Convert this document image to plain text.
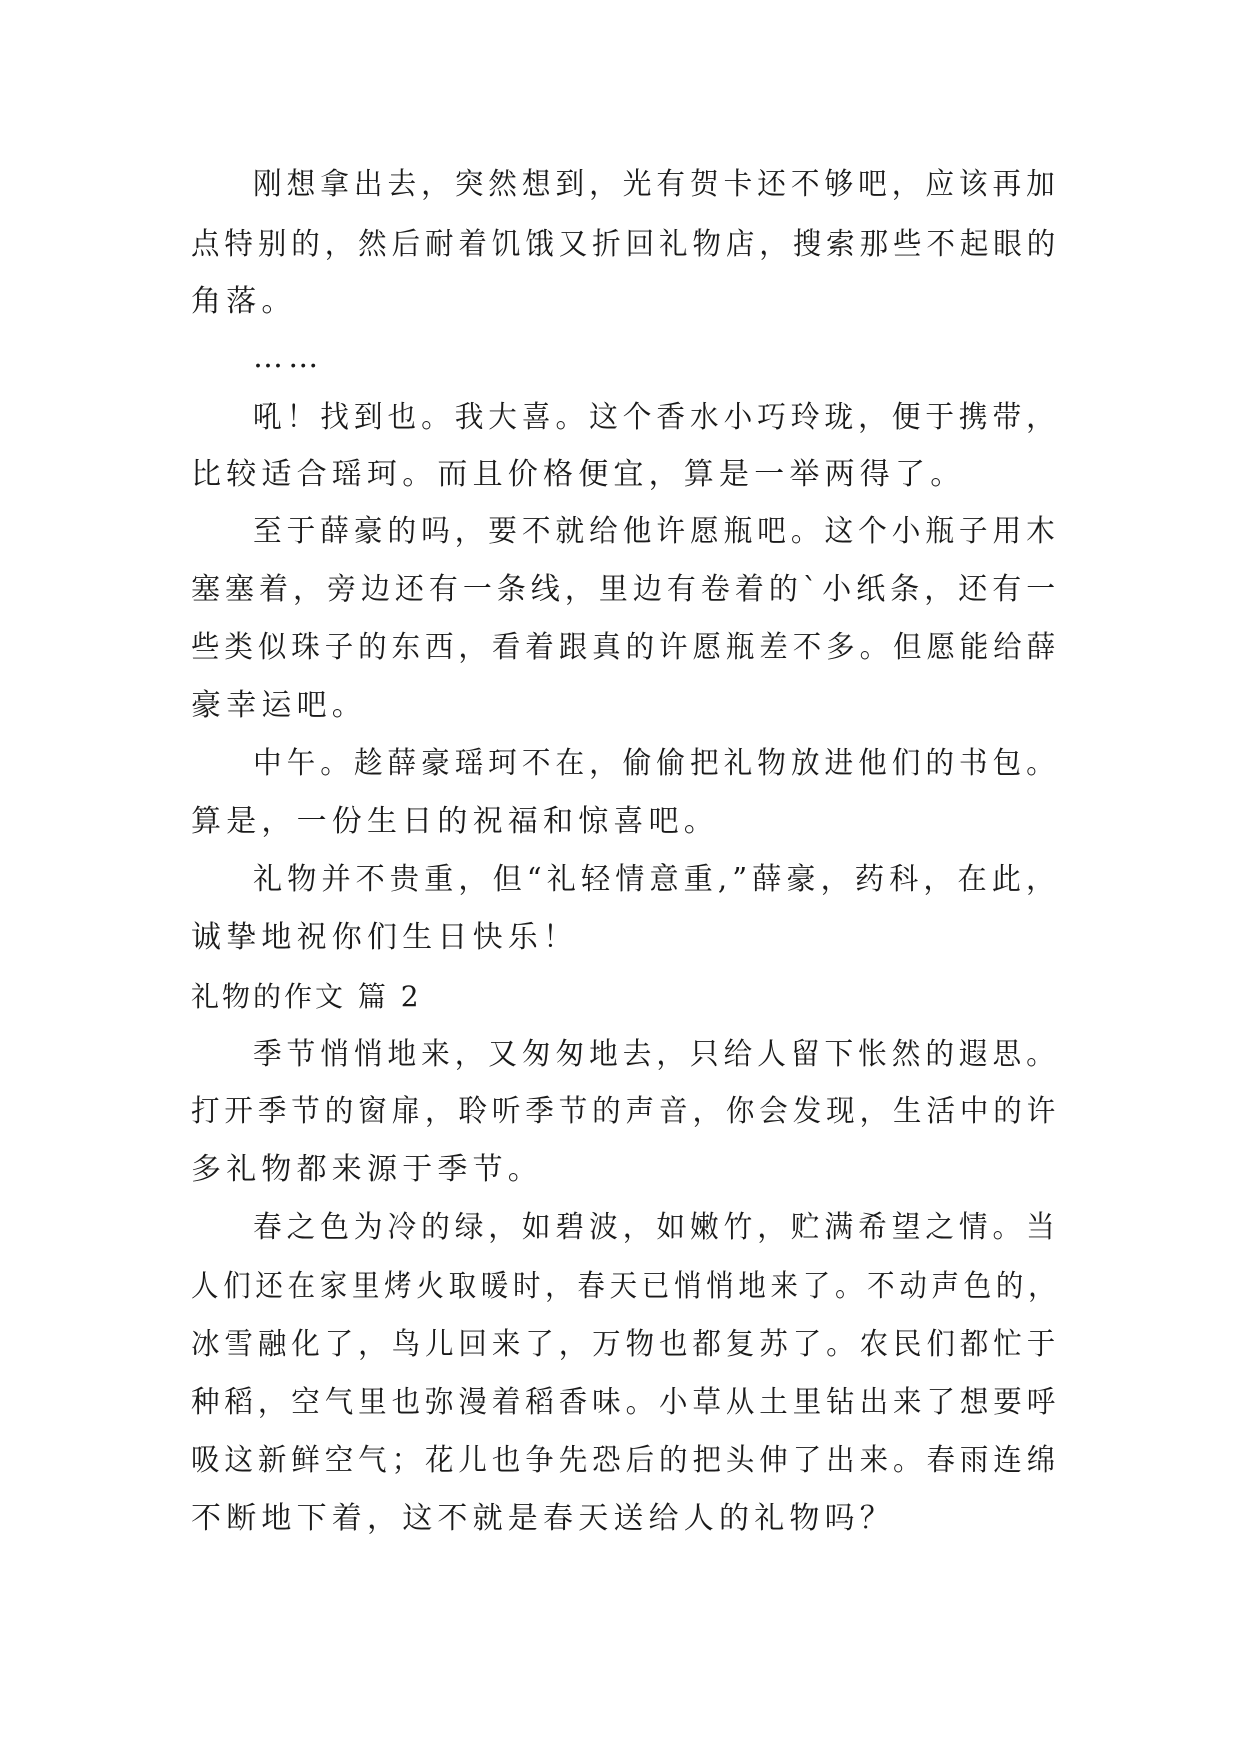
刚想拿出去，突然想到，光有贺卡还不够吧，应该再加
点特别的，然后耐着饥饿又折回礼物店，搜索那些不起眼的
角落。
……
吼！找到也。我大喜。这个香水小巧玲珑，便于携带，
比较适合瑶珂。而且价格便宜，算是一举两得了。
至于薛豪的吗，要不就给他许愿瓶吧。这个小瓶子用木
塞塞着，旁边还有一条线，里边有卷着的`小纸条，还有一
些类似珠子的东西，看着跟真的许愿瓶差不多。但愿能给薛
豪幸运吧。
中午。趁薛豪瑶珂不在，偷偷把礼物放进他们的书包。
算是，一份生日的祝福和惊喜吧。
礼物并不贵重，但“礼轻情意重,”薛豪，药科，在此，
诚挚地祝你们生日快乐！
礼物的作文 篇 2
季节悄悄地来，又匆匆地去，只给人留下怅然的遐思。
打开季节的窗扉，聆听季节的声音，你会发现，生活中的许
多礼物都来源于季节。
春之色为冷的绿，如碧波，如嫩竹，贮满希望之情。当
人们还在家里烤火取暖时，春天已悄悄地来了。不动声色的，
冰雪融化了，鸟儿回来了，万物也都复苏了。农民们都忙于
种稻，空气里也弥漫着稻香味。小草从土里钻出来了想要呼
吸这新鲜空气；花儿也争先恐后的把头伸了出来。春雨连绵
不断地下着，这不就是春天送给人的礼物吗？
